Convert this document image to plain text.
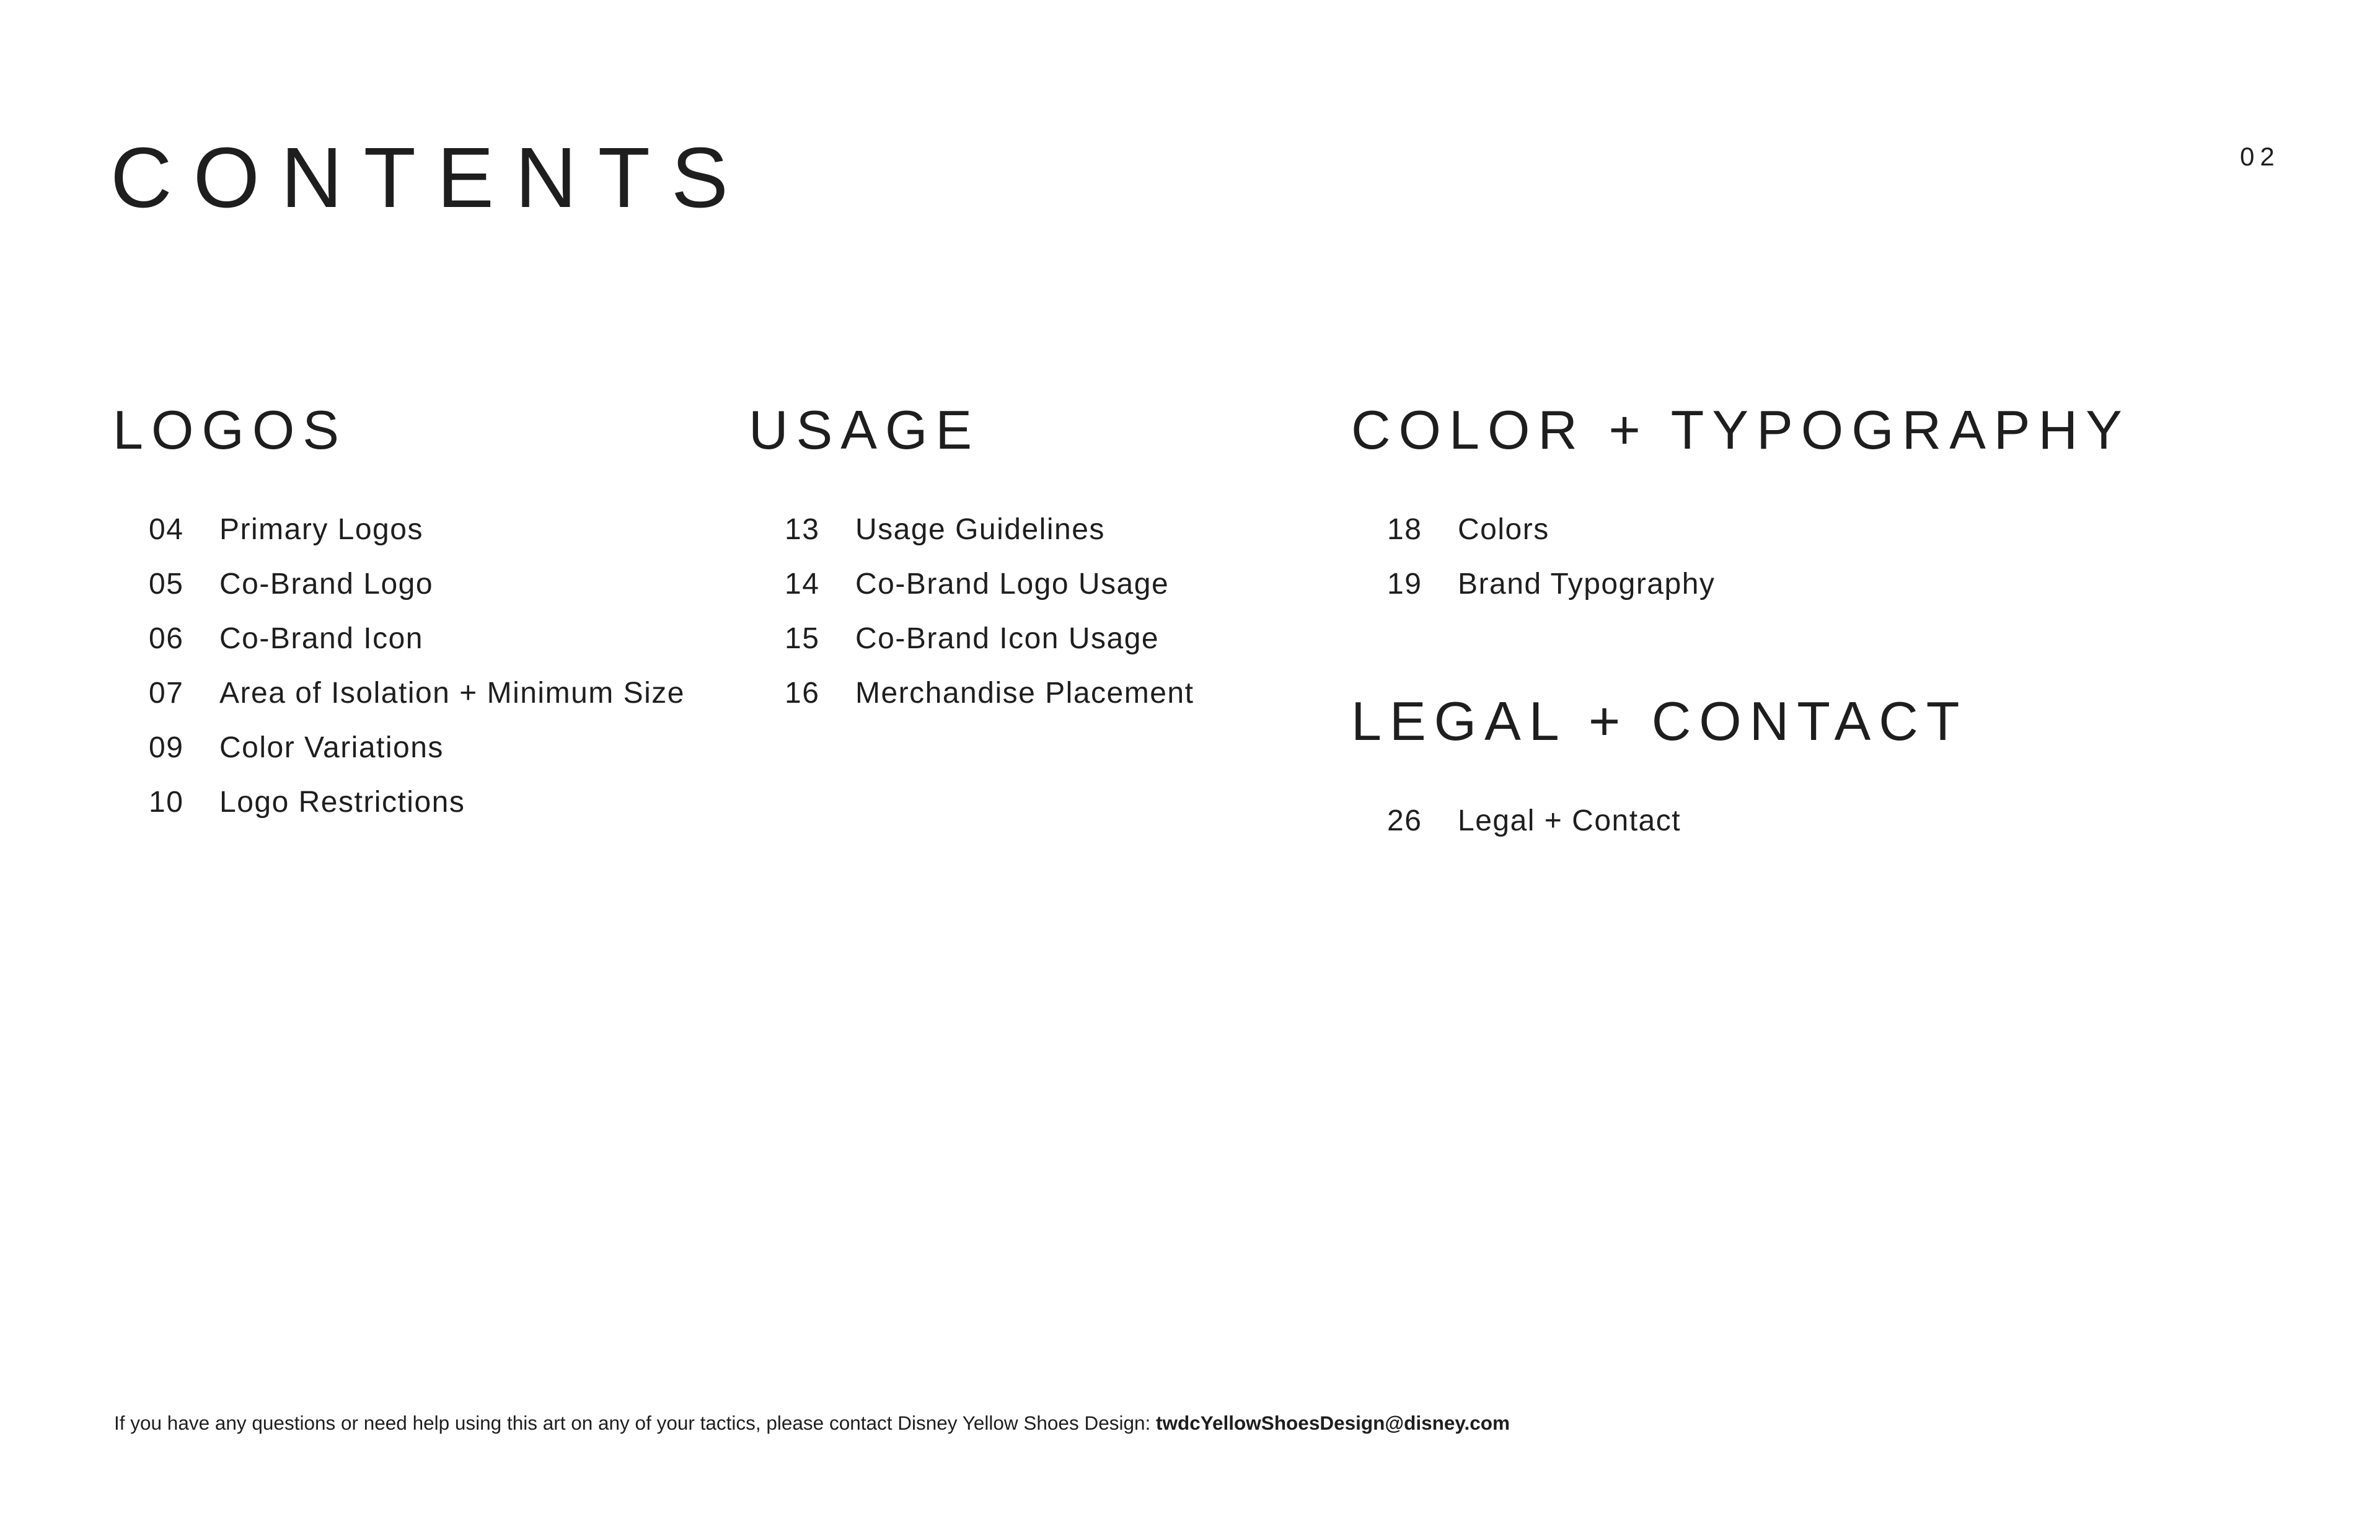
CONTENTS	02
LOGOS
04	Primary Logos
05	Co-Brand Logo
06	Co-Brand Icon
07	Area of Isolation + Minimum Size
09	Color Variations
10	Logo Restrictions
USAGE
13	Usage Guidelines
14	Co-Brand Logo Usage
15	Co-Brand Icon Usage
16	Merchandise Placement
COLOR + TYPOGRAPHY
18	Colors
19	Brand Typography
LEGAL + CONTACT
26	Legal + Contact
If you have any questions or need help using this art on any of your tactics, please contact Disney Yellow Shoes Design: twdcYellowShoesDesign@disney.com
